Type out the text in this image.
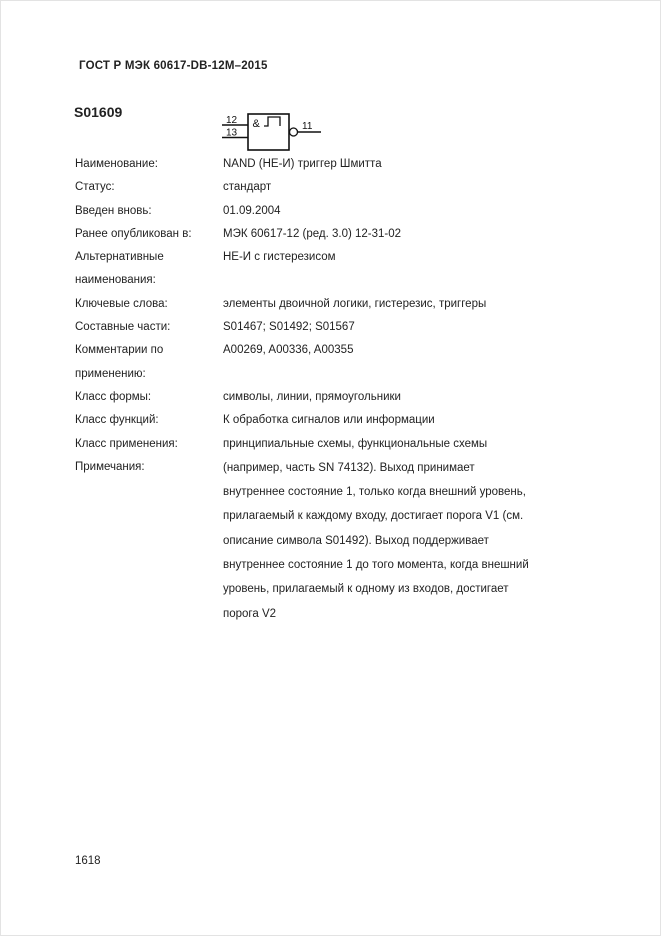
ГОСТ Р МЭК 60617-DB-12M–2015
S01609
12
13
&	11
Наименование:	NAND (НЕ-И) триггер Шмитта
Статус:	стандарт
Введен вновь:	01.09.2004
Ранее опубликован в:	МЭК 60617-12 (ред. 3.0) 12-31-02
Альтернативные наименования:
НЕ-И с гистерезисом
Ключевые слова:	элементы двоичной логики, гистерезис, триггеры
Составные части:	S01467; S01492; S01567
Комментарии по применению:
A00269, A00336, A00355
Класс формы:	символы, линии, прямоугольники
Класс функций:	К обработка сигналов или информации
Класс применения:	принципиальные схемы, функциональные схемы
Примечания:	(например, часть SN 74132). Выход принимает внутреннее состояние 1, только когда внешний уровень, прилагаемый к каждому входу, достигает порога V1 (см. описание символа S01492). Выход поддерживает внутреннее состояние 1 до того момента, когда внешний уровень, прилагаемый к одному из входов, достигает порога V2
1618
